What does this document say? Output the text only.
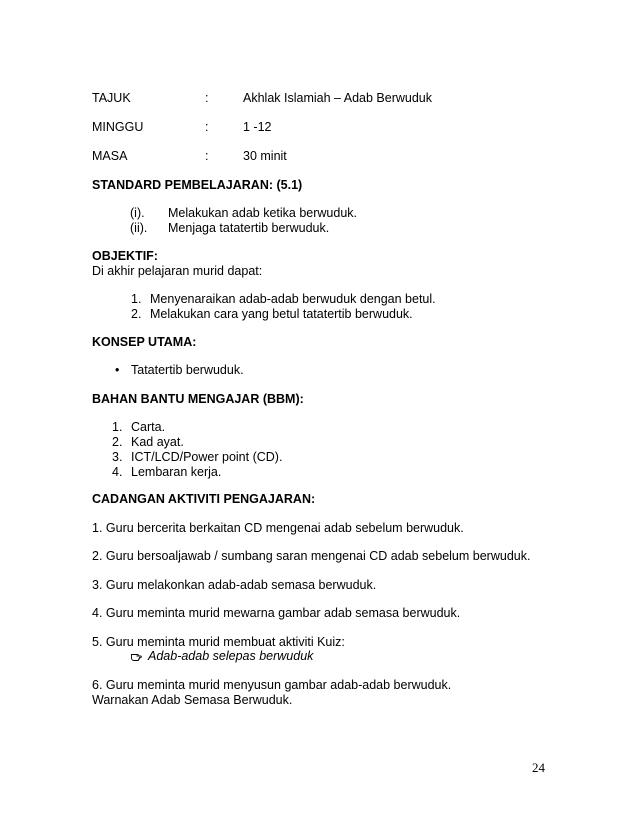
TAJUK	:	Akhlak Islamiah – Adab Berwuduk
MINGGU	:	1 -12
MASA	:	30 minit
STANDARD PEMBELAJARAN: (5.1)
(i). Melakukan adab ketika berwuduk.
(ii). Menjaga tatatertib berwuduk.
OBJEKTIF:
Di akhir pelajaran murid dapat:
1. Menyenaraikan adab-adab berwuduk dengan betul.
2. Melakukan cara yang betul tatatertib berwuduk.
KONSEP UTAMA:
• Tatatertib berwuduk.
BAHAN BANTU MENGAJAR (BBM):
1. Carta.
2. Kad ayat.
3. ICT/LCD/Power point (CD).
4. Lembaran kerja.
CADANGAN AKTIVITI PENGAJARAN:
1. Guru bercerita berkaitan CD mengenai adab sebelum berwuduk.
2. Guru bersoaljawab / sumbang saran mengenai CD adab sebelum berwuduk.
3. Guru melakonkan adab-adab semasa berwuduk.
4. Guru meminta murid mewarna gambar adab semasa berwuduk.
5. Guru meminta murid membuat aktiviti Kuiz:
Adab-adab selepas berwuduk
6. Guru meminta murid menyusun gambar adab-adab berwuduk.
Warnakan Adab Semasa Berwuduk.
24
